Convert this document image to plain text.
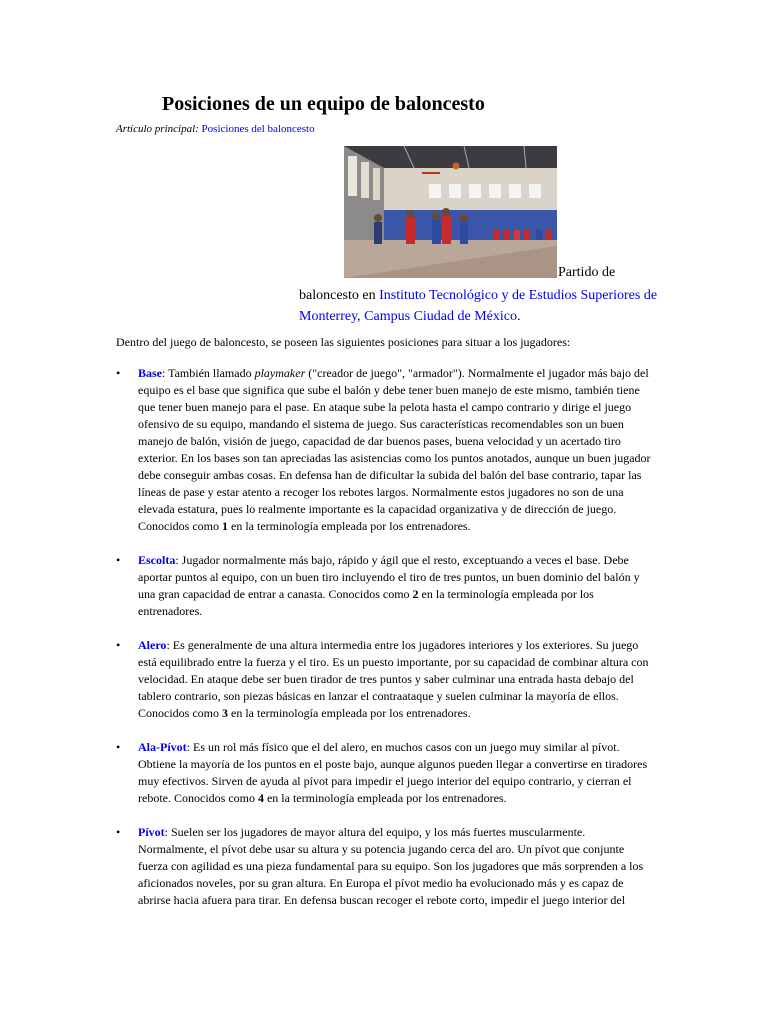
Posiciones de un equipo de baloncesto
Artículo principal: Posiciones del baloncesto
Partido de
baloncesto en Instituto Tecnológico y de Estudios Superiores de Monterrey, Campus Ciudad de México.

Dentro del juego de baloncesto, se poseen las siguientes posiciones para situar a los jugadores:

• Base: También llamado playmaker ("creador de juego", "armador"). Normalmente el jugador más bajo del equipo es el base que significa que sube el balón y debe tener buen manejo de este mismo, también tiene que tener buen manejo para el pase. En ataque sube la pelota hasta el campo contrario y dirige el juego ofensivo de su equipo, mandando el sistema de juego. Sus características recomendables son un buen manejo de balón, visión de juego, capacidad de dar buenos pases, buena velocidad y un acertado tiro exterior. En los bases son tan apreciadas las asistencias como los puntos anotados, aunque un buen jugador debe conseguir ambas cosas. En defensa han de dificultar la subida del balón del base contrario, tapar las líneas de pase y estar atento a recoger los rebotes largos. Normalmente estos jugadores no son de una elevada estatura, pues lo realmente importante es la capacidad organizativa y de dirección de juego. Conocidos como 1 en la terminología empleada por los entrenadores.
• Escolta: Jugador normalmente más bajo, rápido y ágil que el resto, exceptuando a veces el base. Debe aportar puntos al equipo, con un buen tiro incluyendo el tiro de tres puntos, un buen dominio del balón y una gran capacidad de entrar a canasta. Conocidos como 2 en la terminología empleada por los entrenadores.
• Alero: Es generalmente de una altura intermedia entre los jugadores interiores y los exteriores. Su juego está equilibrado entre la fuerza y el tiro. Es un puesto importante, por su capacidad de combinar altura con velocidad. En ataque debe ser buen tirador de tres puntos y saber culminar una entrada hasta debajo del tablero contrario, son piezas básicas en lanzar el contraataque y suelen culminar la mayoría de ellos. Conocidos como 3 en la terminología empleada por los entrenadores.
• Ala-Pívot: Es un rol más físico que el del alero, en muchos casos con un juego muy similar al pívot. Obtiene la mayoría de los puntos en el poste bajo, aunque algunos pueden llegar a convertirse en tiradores muy efectivos. Sirven de ayuda al pívot para impedir el juego interior del equipo contrario, y cierran el rebote. Conocidos como 4 en la terminología empleada por los entrenadores.
• Pívot: Suelen ser los jugadores de mayor altura del equipo, y los más fuertes muscularmente. Normalmente, el pívot debe usar su altura y su potencia jugando cerca del aro. Un pívot que conjunte fuerza con agilidad es una pieza fundamental para su equipo. Son los jugadores que más sorprenden a los aficionados noveles, por su gran altura. En Europa el pívot medio ha evolucionado más y es capaz de abrirse hacia afuera para tirar. En defensa buscan recoger el rebote corto, impedir el juego interior del
